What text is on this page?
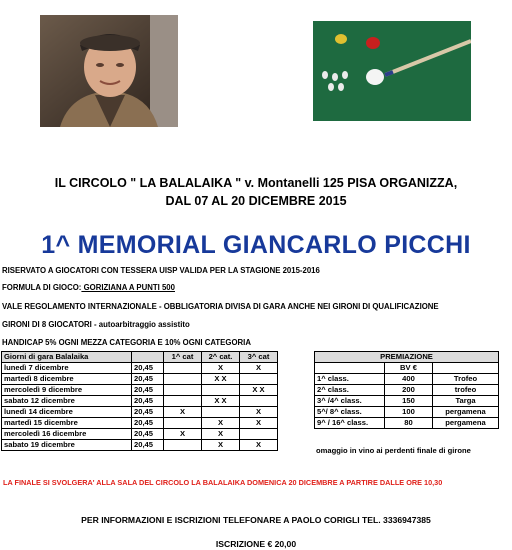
IL CIRCOLO " LA BALALAIKA " v. Montanelli 125 PISA ORGANIZZA,
DAL 07 AL 20 DICEMBRE 2015
1^ MEMORIAL GIANCARLO PICCHI
RISERVATO A GIOCATORI CON TESSERA UISP VALIDA PER LA STAGIONE 2015-2016
FORMULA DI GIOCO: GORIZIANA A PUNTI 500
VALE REGOLAMENTO INTERNAZIONALE - OBBLIGATORIA DIVISA DI GARA ANCHE NEI GIRONI DI QUALIFICAZIONE
GIRONI DI 8 GIOCATORI - autoarbitraggio assistito
HANDICAP 5% OGNI MEZZA CATEGORIA E 10% OGNI CATEGORIA
Giorni di gara Balalaika		1^ cat	2^ cat.	3^ cat
lunedì 7 dicembre	20,45		X	X
martedì 8 dicembre	20,45		X X	
mercoledì 9 dicembre	20,45			X X
sabato 12 dicembre	20,45		X X	
lunedì 14 dicembre	20,45	X		X
martedì 15 dicembre	20,45		X	X
mercoledì 16 dicembre	20,45	X	X	
sabato 19 dicembre	20,45		X	X
PREMIAZIONE		
	BV €	
1^ class.	400	Trofeo
2^ class.	200	trofeo
3^ /4^ class.	150	Targa
5^/ 8^ class.	100	pergamena
9^ / 16^ class.	80	pergamena
omaggio in vino ai perdenti finale di girone
LA FINALE SI SVOLGERA' ALLA SALA DEL CIRCOLO LA BALALAIKA DOMENICA 20 DICEMBRE A PARTIRE DALLE ORE 10,30
PER INFORMAZIONI E ISCRIZIONI TELEFONARE A PAOLO CORIGLI TEL. 3336947385
ISCRIZIONE € 20,00
